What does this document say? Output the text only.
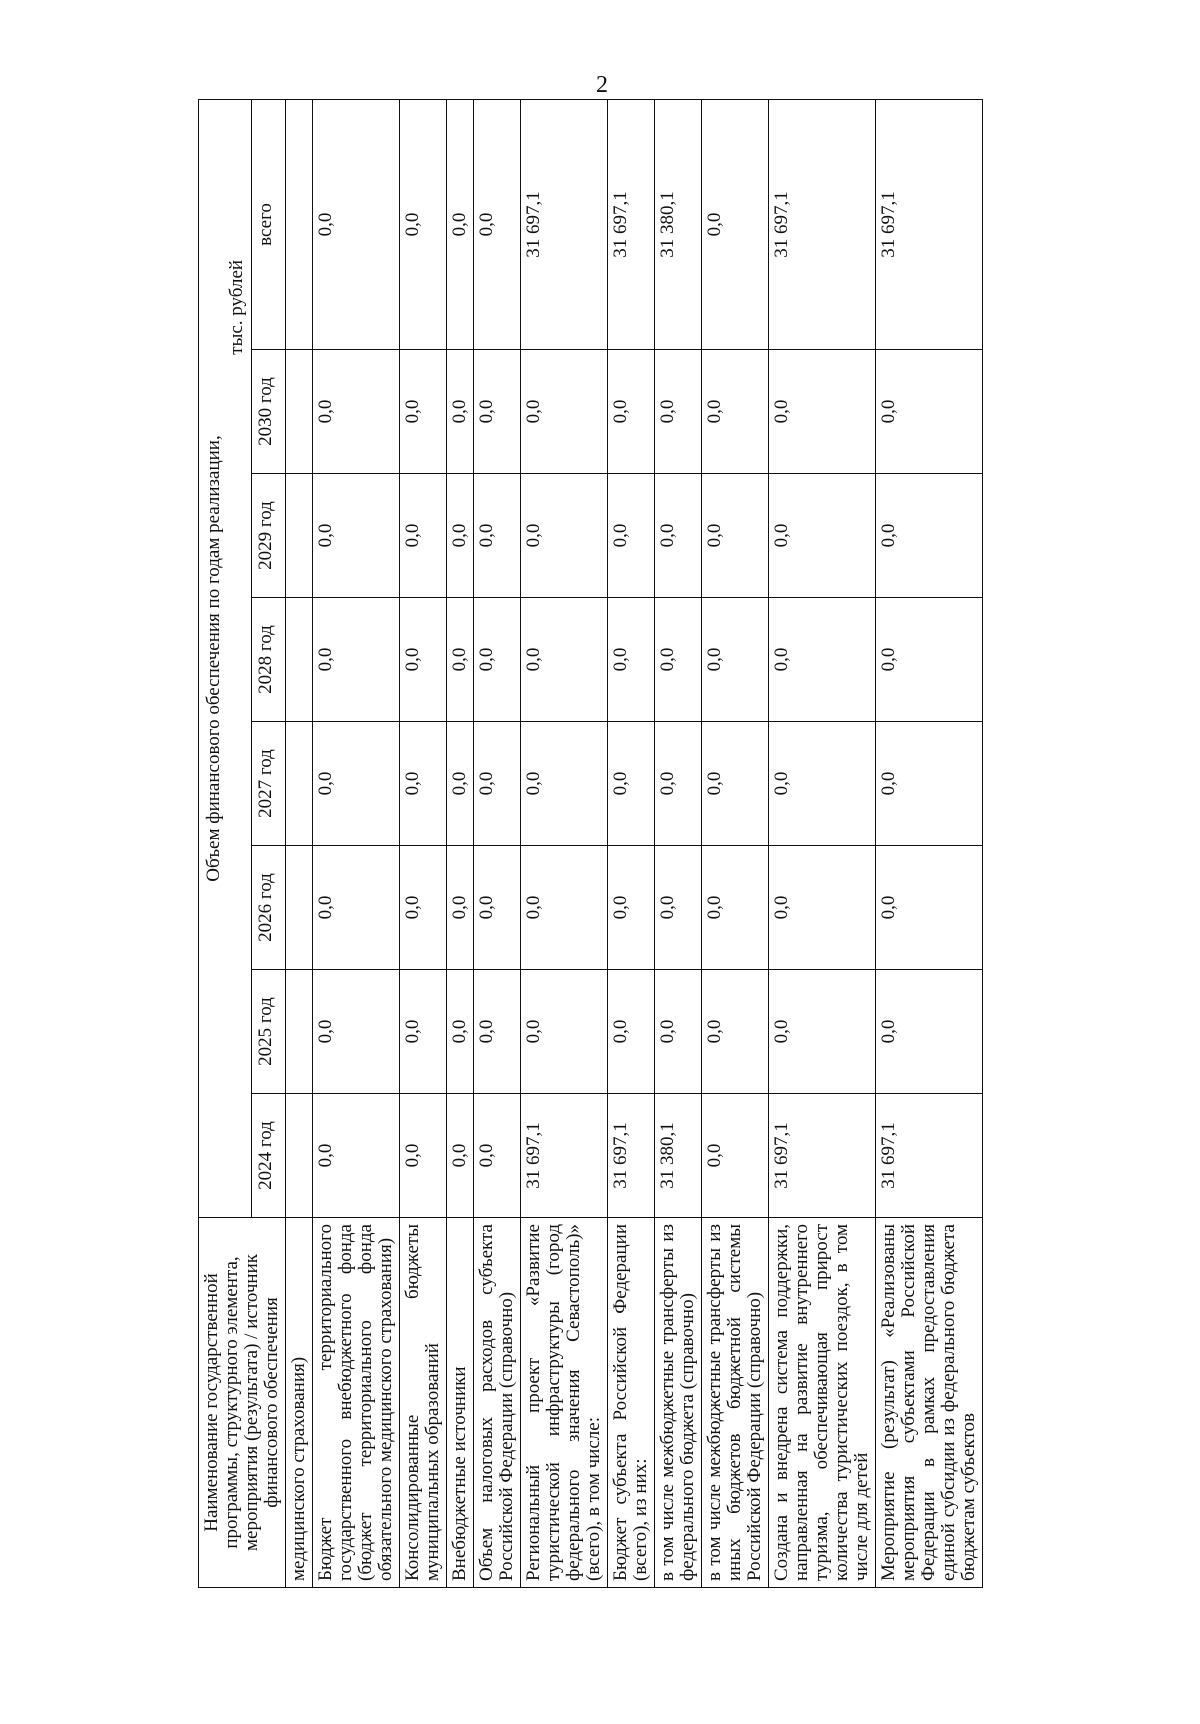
2
Наименование государственной программы, структурного элемента, мероприятия (результата) / источник финансового обеспечения	Объем финансового обеспечения по годам реализации,							
	тыс. рублей							
	2024 год	2025 год	2026 год	2027 год	2028 год	2029 год	2030 год	всего
медицинского страхования)								
Бюджет территориального государственного внебюджетного фонда (бюджет территориального фонда обязательного медицинского страхования)	0,0	0,0	0,0	0,0	0,0	0,0	0,0	0,0
Консолидированные бюджеты муниципальных образований	0,0	0,0	0,0	0,0	0,0	0,0	0,0	0,0
Внебюджетные источники	0,0	0,0	0,0	0,0	0,0	0,0	0,0	0,0
Объем налоговых расходов субъекта Российской Федерации (справочно)	0,0	0,0	0,0	0,0	0,0	0,0	0,0	0,0
Региональный проект «Развитие туристической инфраструктуры (город федерального значения Севастополь)» (всего), в том числе:	31 697,1	0,0	0,0	0,0	0,0	0,0	0,0	31 697,1
Бюджет субъекта Российской Федерации (всего), из них:	31 697,1	0,0	0,0	0,0	0,0	0,0	0,0	31 697,1
в том числе межбюджетные трансферты из федерального бюджета (справочно)	31 380,1	0,0	0,0	0,0	0,0	0,0	0,0	31 380,1
в том числе межбюджетные трансферты из иных бюджетов бюджетной системы Российской Федерации (справочно)	0,0	0,0	0,0	0,0	0,0	0,0	0,0	0,0
Создана и внедрена система поддержки, направленная на развитие внутреннего туризма, обеспечивающая прирост количества туристических поездок, в том числе для детей	31 697,1	0,0	0,0	0,0	0,0	0,0	0,0	31 697,1
Мероприятие (результат) «Реализованы мероприятия субъектами Российской Федерации в рамках предоставления единой субсидии из федерального бюджета бюджетам субъектов	31 697,1	0,0	0,0	0,0	0,0	0,0	0,0	31 697,1
